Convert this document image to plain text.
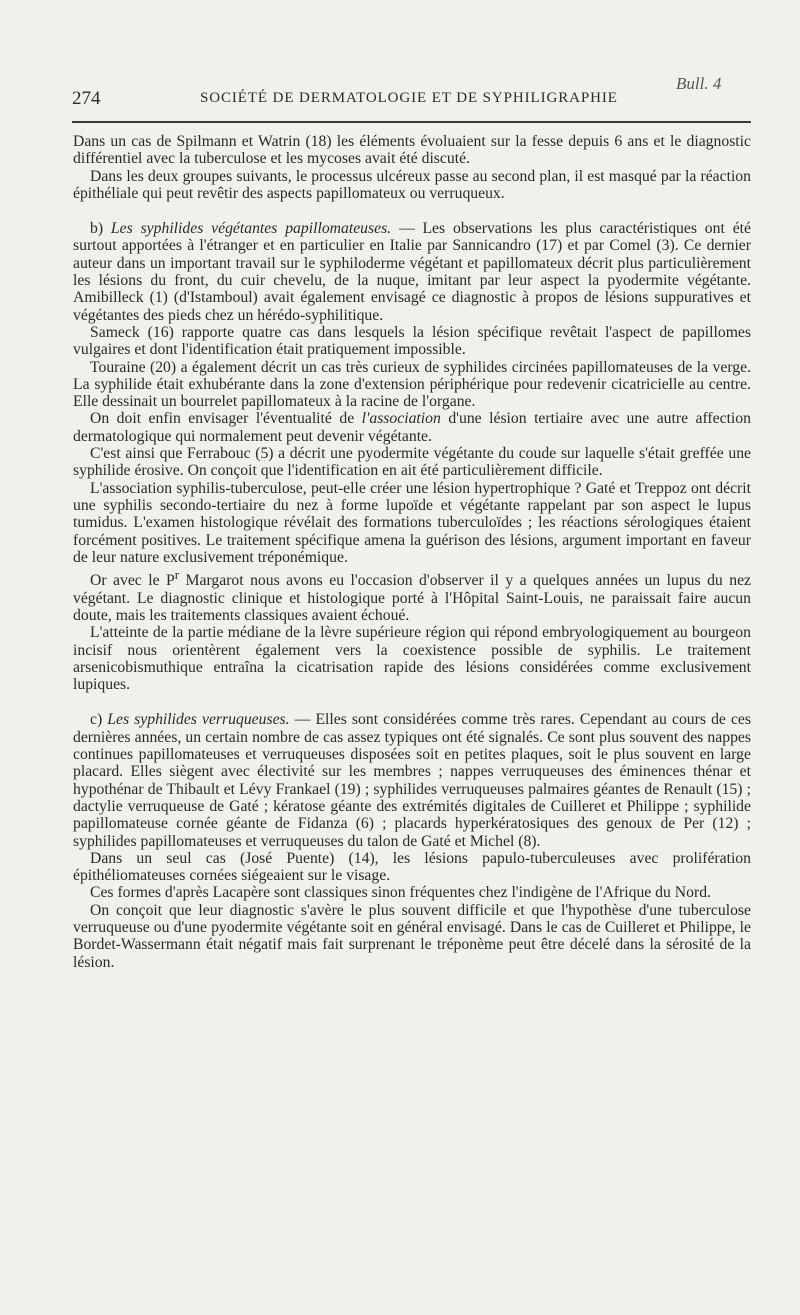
Bull. 4
274	SOCIÉTÉ DE DERMATOLOGIE ET DE SYPHILIGRAPHIE

Dans un cas de Spilmann et Watrin (18) les éléments évoluaient sur la fesse depuis 6 ans et le diagnostic différentiel avec la tuberculose et les mycoses avait été discuté.

Dans les deux groupes suivants, le processus ulcéreux passe au second plan, il est masqué par la réaction épithéliale qui peut revêtir des aspects papillomateux ou verruqueux.

b) Les syphilides végétantes papillomateuses. — Les observations les plus caractéristiques ont été surtout apportées à l'étranger et en particulier en Italie par Sannicandro (17) et par Comel (3). Ce dernier auteur dans un important travail sur le syphiloderme végétant et papillomateux décrit plus particulièrement les lésions du front, du cuir chevelu, de la nuque, imitant par leur aspect la pyodermite végétante. Amibilleck (1) (d'Istamboul) avait également envisagé ce diagnostic à propos de lésions suppuratives et végétantes des pieds chez un hérédo-syphilitique.

Sameck (16) rapporte quatre cas dans lesquels la lésion spécifique revêtait l'aspect de papillomes vulgaires et dont l'identification était pratiquement impossible.

Touraine (20) a également décrit un cas très curieux de syphilides circinées papillomateuses de la verge. La syphilide était exhubérante dans la zone d'extension périphérique pour redevenir cicatricielle au centre. Elle dessinait un bourrelet papillomateux à la racine de l'organe.

On doit enfin envisager l'éventualité de l'association d'une lésion tertiaire avec une autre affection dermatologique qui normalement peut devenir végétante.

C'est ainsi que Ferrabouc (5) a décrit une pyodermite végétante du coude sur laquelle s'était greffée une syphilide érosive. On conçoit que l'identification en ait été particulièrement difficile.

L'association syphilis-tuberculose, peut-elle créer une lésion hypertrophique ? Gaté et Treppoz ont décrit une syphilis secondo-tertiaire du nez à forme lupoïde et végétante rappelant par son aspect le lupus tumidus. L'examen histologique révélait des formations tuberculoïdes ; les réactions sérologiques étaient forcément positives. Le traitement spécifique amena la guérison des lésions, argument important en faveur de leur nature exclusivement tréponémique.

Or avec le $P^r$ Margarot nous avons eu l'occasion d'observer il y a quelques années un lupus du nez végétant. Le diagnostic clinique et histologique porté à l'Hôpital Saint-Louis, ne paraissait faire aucun doute, mais les traitements classiques avaient échoué.

L'atteinte de la partie médiane de la lèvre supérieure région qui répond embryologiquement au bourgeon incisif nous orientèrent également vers la coexistence possible de syphilis. Le traitement arsenicobismuthique entraîna la cicatrisation rapide des lésions considérées comme exclusivement lupiques.

c) Les syphilides verruqueuses. — Elles sont considérées comme très rares. Cependant au cours de ces dernières années, un certain nombre de cas assez typiques ont été signalés. Ce sont plus souvent des nappes continues papillomateuses et verruqueuses disposées soit en petites plaques, soit le plus souvent en large placard. Elles siègent avec électivité sur les membres ; nappes verruqueuses des éminences thénar et hypothénar de Thibault et Lévy Frankael (19) ; syphilides verruqueuses palmaires géantes de Renault (15) ; dactylie verruqueuse de Gaté ; kératose géante des extrémités digitales de Cuilleret et Philippe ; syphilide papillomateuse cornée géante de Fidanza (6) ; placards hyperkératosiques des genoux de Per (12) ; syphilides papillomateuses et verruqueuses du talon de Gaté et Michel (8).

Dans un seul cas (José Puente) (14), les lésions papulo-tuberculeuses avec prolifération épithéliomateuses cornées siégeaient sur le visage.

Ces formes d'après Lacapère sont classiques sinon fréquentes chez l'indigène de l'Afrique du Nord.

On conçoit que leur diagnostic s'avère le plus souvent difficile et que l'hypothèse d'une tuberculose verruqueuse ou d'une pyodermite végétante soit en général envisagé. Dans le cas de Cuilleret et Philippe, le Bordet-Wassermann était négatif mais fait surprenant le tréponème peut être décelé dans la sérosité de la lésion.
